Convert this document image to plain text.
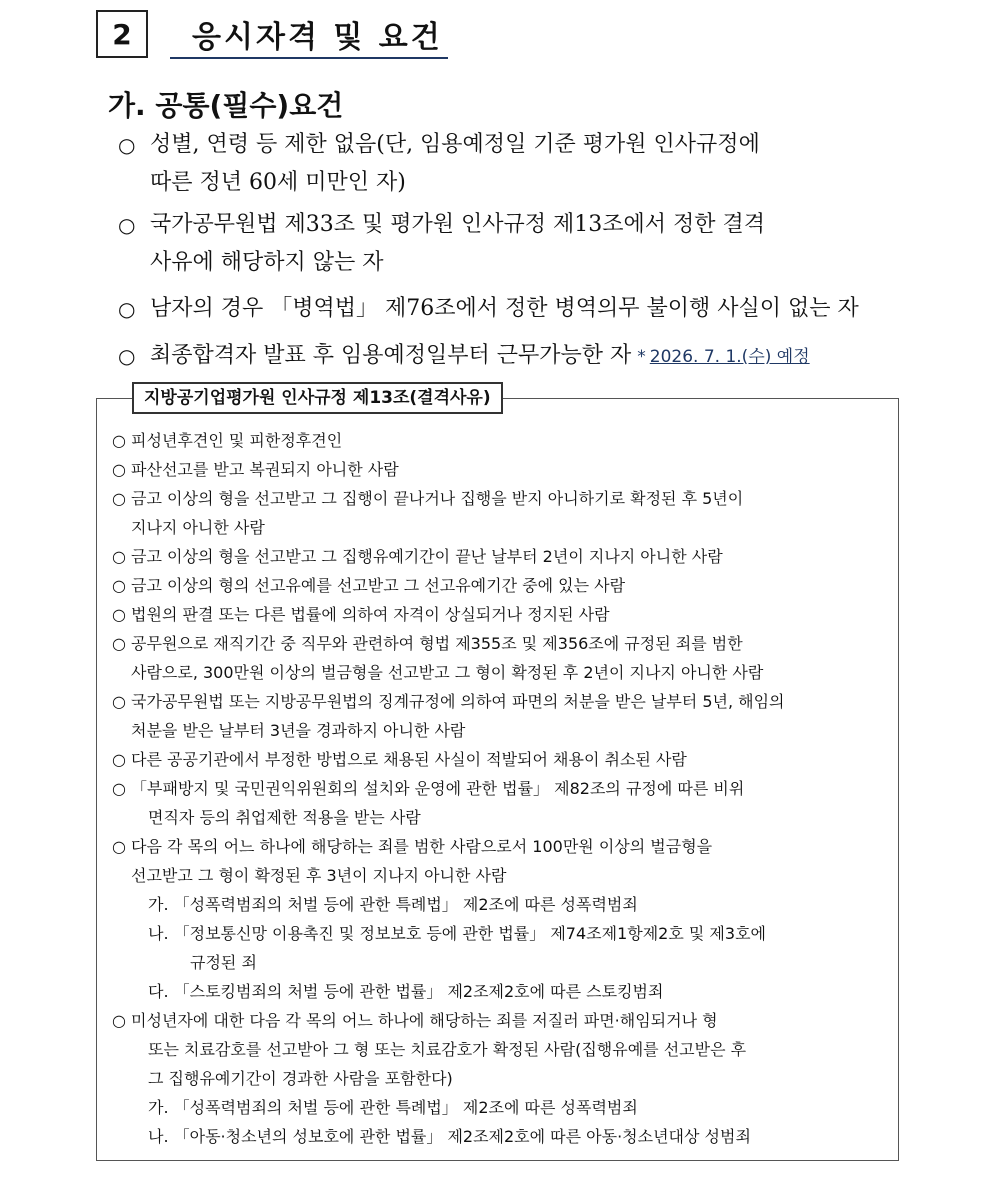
2	응시자격 및 요건
가. 공통(필수)요건
○ 성별, 연령 등 제한 없음(단, 임용예정일 기준 평가원 인사규정에
따른 정년 60세 미만인 자)
○ 국가공무원법 제33조 및 평가원 인사규정 제13조에서 정한 결격
사유에 해당하지 않는 자
○ 남자의 경우 「병역법」 제76조에서 정한 병역의무 불이행 사실이 없는 자
○ 최종합격자 발표 후 임용예정일부터 근무가능한 자 * 2026. 7. 1.(수) 예정
지방공기업평가원 인사규정 제13조(결격사유)
○ 피성년후견인 및 피한정후견인
○ 파산선고를 받고 복권되지 아니한 사람
○ 금고 이상의 형을 선고받고 그 집행이 끝나거나 집행을 받지 아니하기로 확정된 후 5년이
지나지 아니한 사람
○ 금고 이상의 형을 선고받고 그 집행유예기간이 끝난 날부터 2년이 지나지 아니한 사람
○ 금고 이상의 형의 선고유예를 선고받고 그 선고유예기간 중에 있는 사람
○ 법원의 판결 또는 다른 법률에 의하여 자격이 상실되거나 정지된 사람
○ 공무원으로 재직기간 중 직무와 관련하여 형법 제355조 및 제356조에 규정된 죄를 범한
사람으로, 300만원 이상의 벌금형을 선고받고 그 형이 확정된 후 2년이 지나지 아니한 사람
○ 국가공무원법 또는 지방공무원법의 징계규정에 의하여 파면의 처분을 받은 날부터 5년, 해임의
처분을 받은 날부터 3년을 경과하지 아니한 사람
○ 다른 공공기관에서 부정한 방법으로 채용된 사실이 적발되어 채용이 취소된 사람
○ 「부패방지 및 국민권익위원회의 설치와 운영에 관한 법률」 제82조의 규정에 따른 비위
면직자 등의 취업제한 적용을 받는 사람
○ 다음 각 목의 어느 하나에 해당하는 죄를 범한 사람으로서 100만원 이상의 벌금형을
선고받고 그 형이 확정된 후 3년이 지나지 아니한 사람
가. 「성폭력범죄의 처벌 등에 관한 특례법」 제2조에 따른 성폭력범죄
나. 「정보통신망 이용촉진 및 정보보호 등에 관한 법률」 제74조제1항제2호 및 제3호에
규정된 죄
다. 「스토킹범죄의 처벌 등에 관한 법률」 제2조제2호에 따른 스토킹범죄
○ 미성년자에 대한 다음 각 목의 어느 하나에 해당하는 죄를 저질러 파면·해임되거나 형
또는 치료감호를 선고받아 그 형 또는 치료감호가 확정된 사람(집행유예를 선고받은 후
그 집행유예기간이 경과한 사람을 포함한다)
가. 「성폭력범죄의 처벌 등에 관한 특례법」 제2조에 따른 성폭력범죄
나. 「아동·청소년의 성보호에 관한 법률」 제2조제2호에 따른 아동·청소년대상 성범죄
